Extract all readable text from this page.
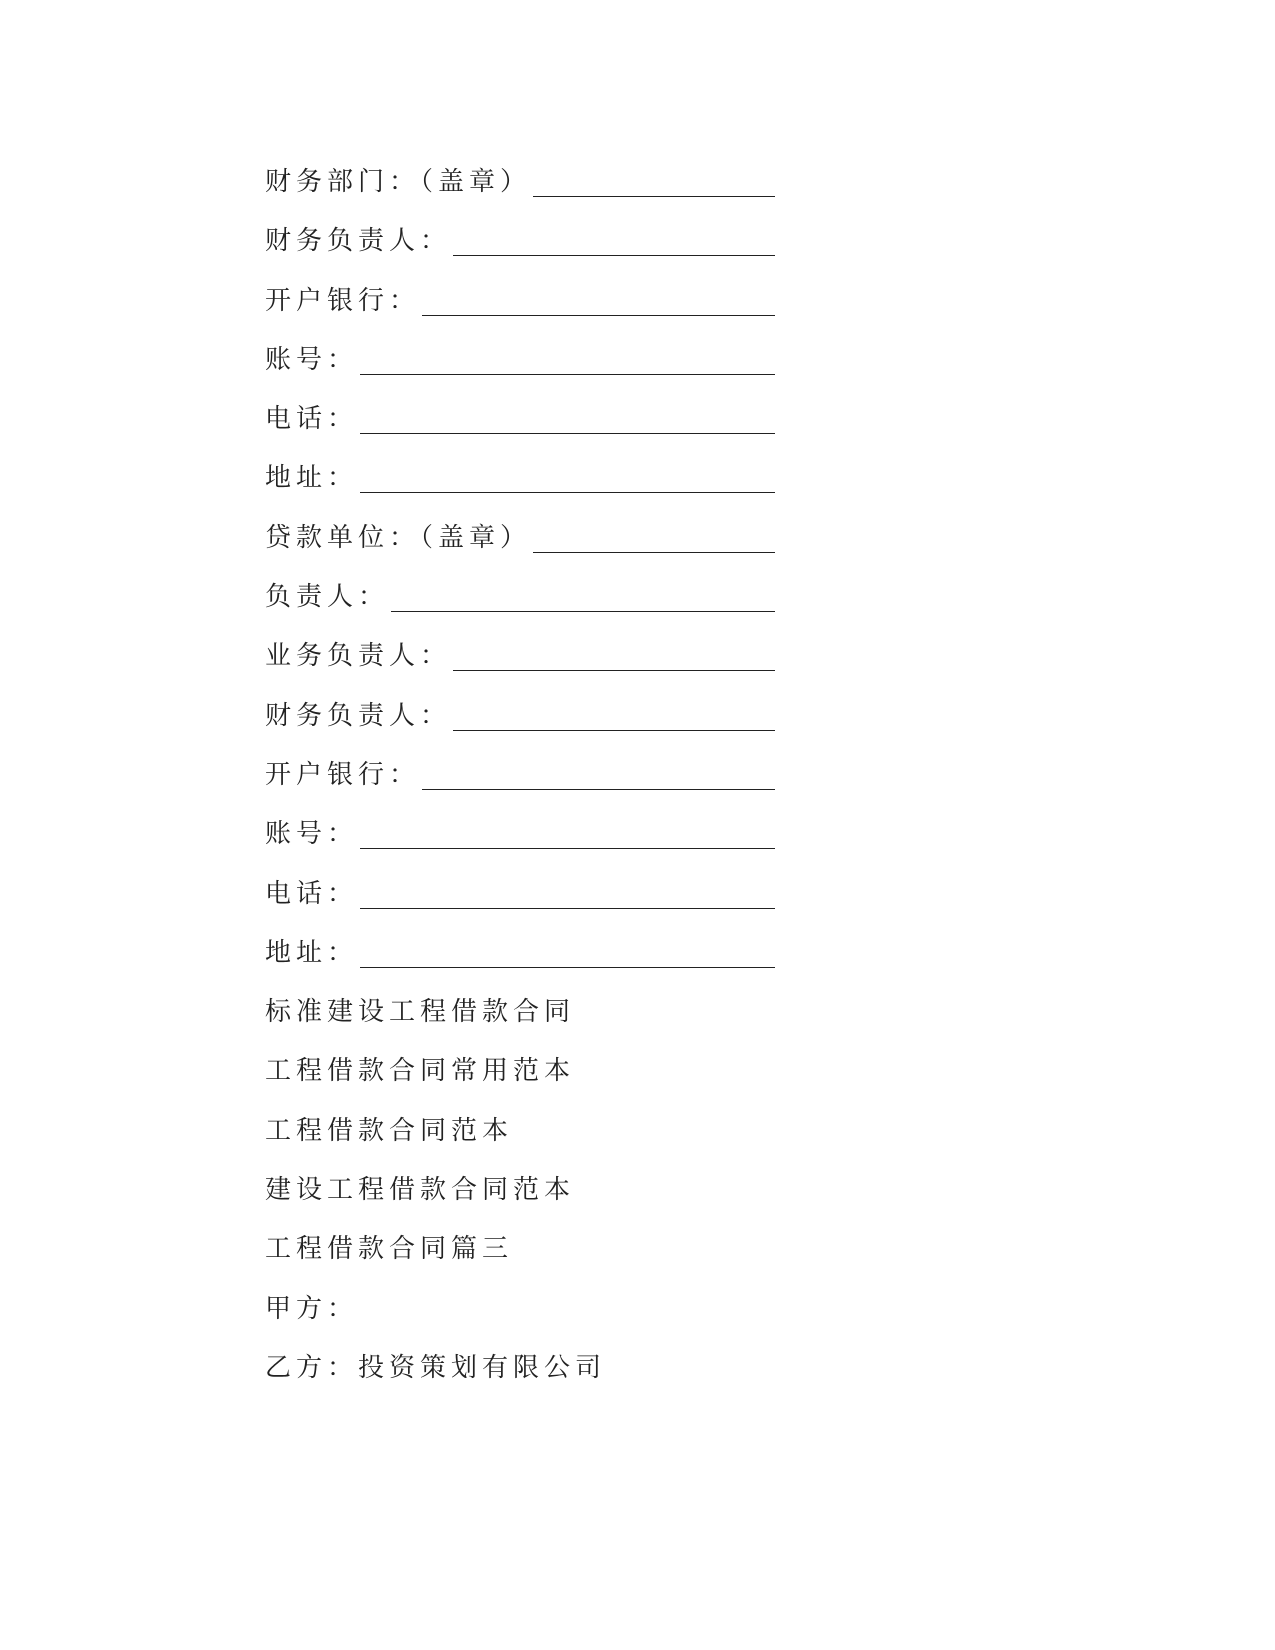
财务部门：（盖章）
财务负责人：
开户银行：
账号：
电话：
地址：
贷款单位：（盖章）
负责人：
业务负责人：
财务负责人：
开户银行：
账号：
电话：
地址：
标准建设工程借款合同
工程借款合同常用范本
工程借款合同范本
建设工程借款合同范本
工程借款合同篇三
甲方：
乙方：投资策划有限公司
